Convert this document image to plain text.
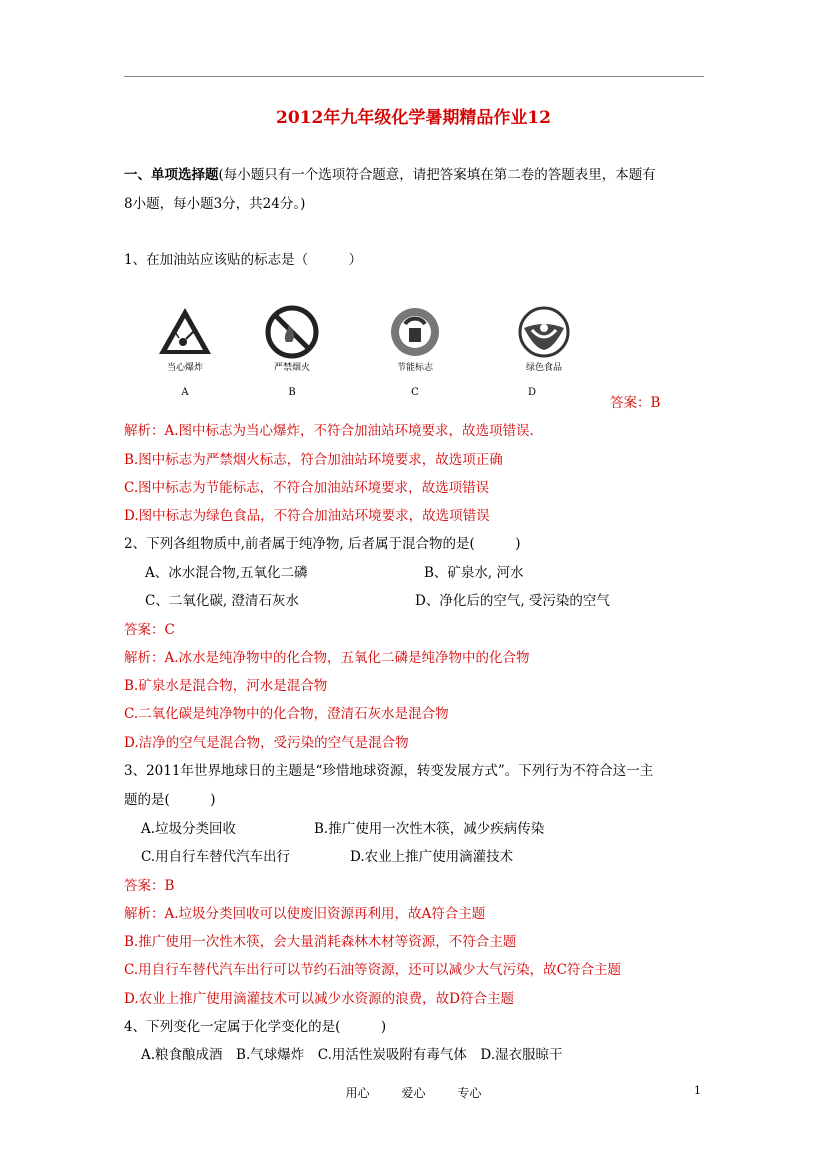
2012年九年级化学暑期精品作业12
一、单项选择题(每小题只有一个选项符合题意，请把答案填在第二卷的答题表里，本题有
8小题，每小题3分，共24分。)
1、在加油站应该贴的标志是（　　　）
当心爆炸	严禁烟火	节能标志	绿色食品
A	B	C	D
答案：B
解析：A.图中标志为当心爆炸，不符合加油站环境要求，故选项错误.
B.图中标志为严禁烟火标志，符合加油站环境要求，故选项正确
C.图中标志为节能标志，不符合加油站环境要求，故选项错误
D.图中标志为绿色食品，不符合加油站环境要求，故选项错误
2、下列各组物质中,前者属于纯净物, 后者属于混合物的是(　　　)
A、冰水混合物,五氧化二磷	B、矿泉水, 河水
C、二氧化碳, 澄清石灰水	D、净化后的空气, 受污染的空气
答案：C
解析：A.冰水是纯净物中的化合物，五氧化二磷是纯净物中的化合物
B.矿泉水是混合物，河水是混合物
C.二氧化碳是纯净物中的化合物，澄清石灰水是混合物
D.洁净的空气是混合物，受污染的空气是混合物
3、2011年世界地球日的主题是“珍惜地球资源，转变发展方式”。下列行为不符合这一主
题的是(　　　)
A.垃圾分类回收	B.推广使用一次性木筷，减少疾病传染
C.用自行车替代汽车出行	D.农业上推广使用滴灌技术
答案：B
解析：A.垃圾分类回收可以使废旧资源再利用，故A符合主题
B.推广使用一次性木筷，会大量消耗森林木材等资源，不符合主题
C.用自行车替代汽车出行可以节约石油等资源，还可以减少大气污染，故C符合主题
D.农业上推广使用滴灌技术可以减少水资源的浪费，故D符合主题
4、下列变化一定属于化学变化的是(　　　)
A.粮食酿成酒　B.气球爆炸　C.用活性炭吸附有毒气体　D.湿衣服晾干
用心	爱心	专心	1
